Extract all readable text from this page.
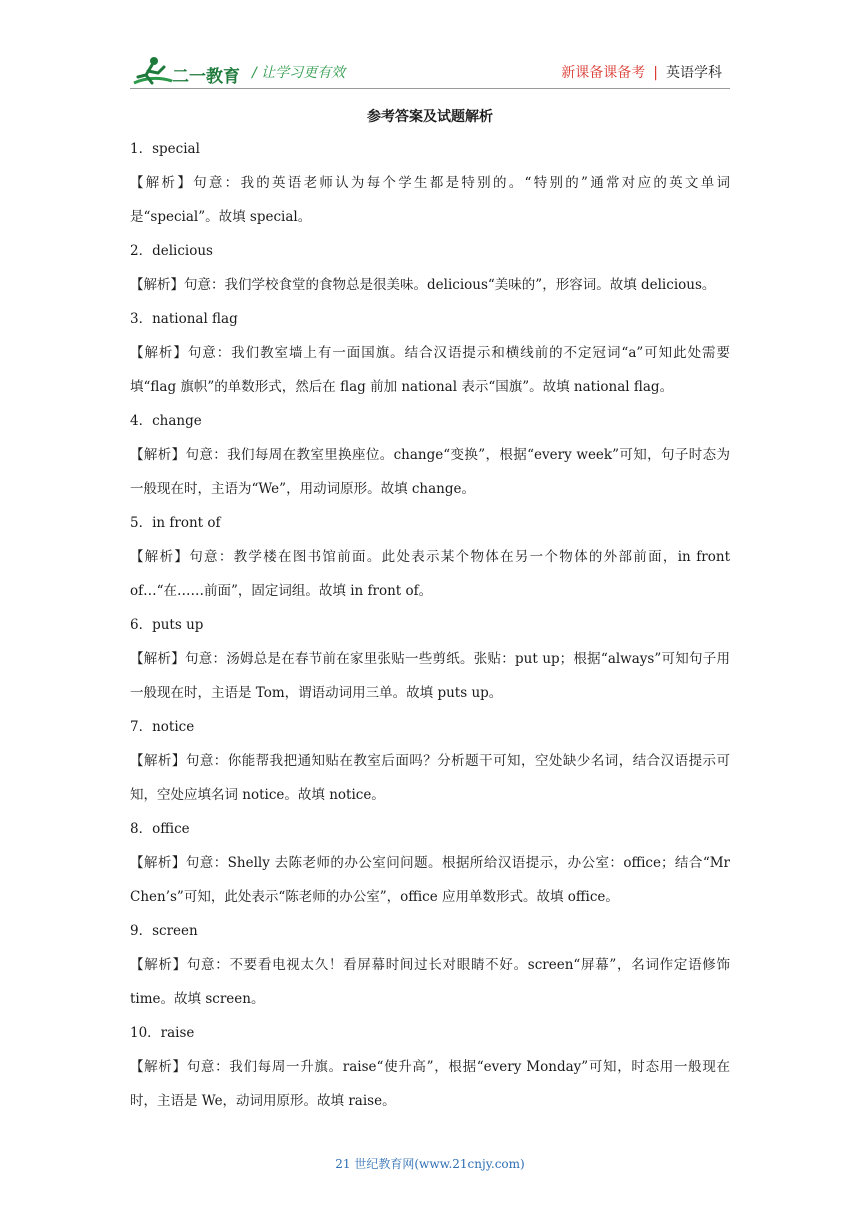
二一教育 / 让学习更有效	新课备课备考 | 英语学科
参考答案及试题解析
1．special
【解析】句意：我的英语老师认为每个学生都是特别的。“特别的”通常对应的英文单词是“special”。故填 special。
2．delicious
【解析】句意：我们学校食堂的食物总是很美味。delicious“美味的”，形容词。故填 delicious。
3．national flag
【解析】句意：我们教室墙上有一面国旗。结合汉语提示和横线前的不定冠词“a”可知此处需要填“flag 旗帜”的单数形式，然后在 flag 前加 national 表示“国旗”。故填 national flag。
4．change
【解析】句意：我们每周在教室里换座位。change“变换”，根据“every week”可知，句子时态为一般现在时，主语为“We”，用动词原形。故填 change。
5．in front of
【解析】句意：教学楼在图书馆前面。此处表示某个物体在另一个物体的外部前面，in front of…“在……前面”，固定词组。故填 in front of。
6．puts up
【解析】句意：汤姆总是在春节前在家里张贴一些剪纸。张贴：put up；根据“always”可知句子用一般现在时，主语是 Tom，谓语动词用三单。故填 puts up。
7．notice
【解析】句意：你能帮我把通知贴在教室后面吗？分析题干可知，空处缺少名词，结合汉语提示可知，空处应填名词 notice。故填 notice。
8．office
【解析】句意：Shelly 去陈老师的办公室问问题。根据所给汉语提示，办公室：office；结合“Mr Chen’s”可知，此处表示“陈老师的办公室”，office 应用单数形式。故填 office。
9．screen
【解析】句意：不要看电视太久！看屏幕时间过长对眼睛不好。screen“屏幕”，名词作定语修饰 time。故填 screen。
10．raise
【解析】句意：我们每周一升旗。raise“使升高”，根据“every Monday”可知，时态用一般现在时，主语是 We，动词用原形。故填 raise。
21 世纪教育网(www.21cnjy.com)
